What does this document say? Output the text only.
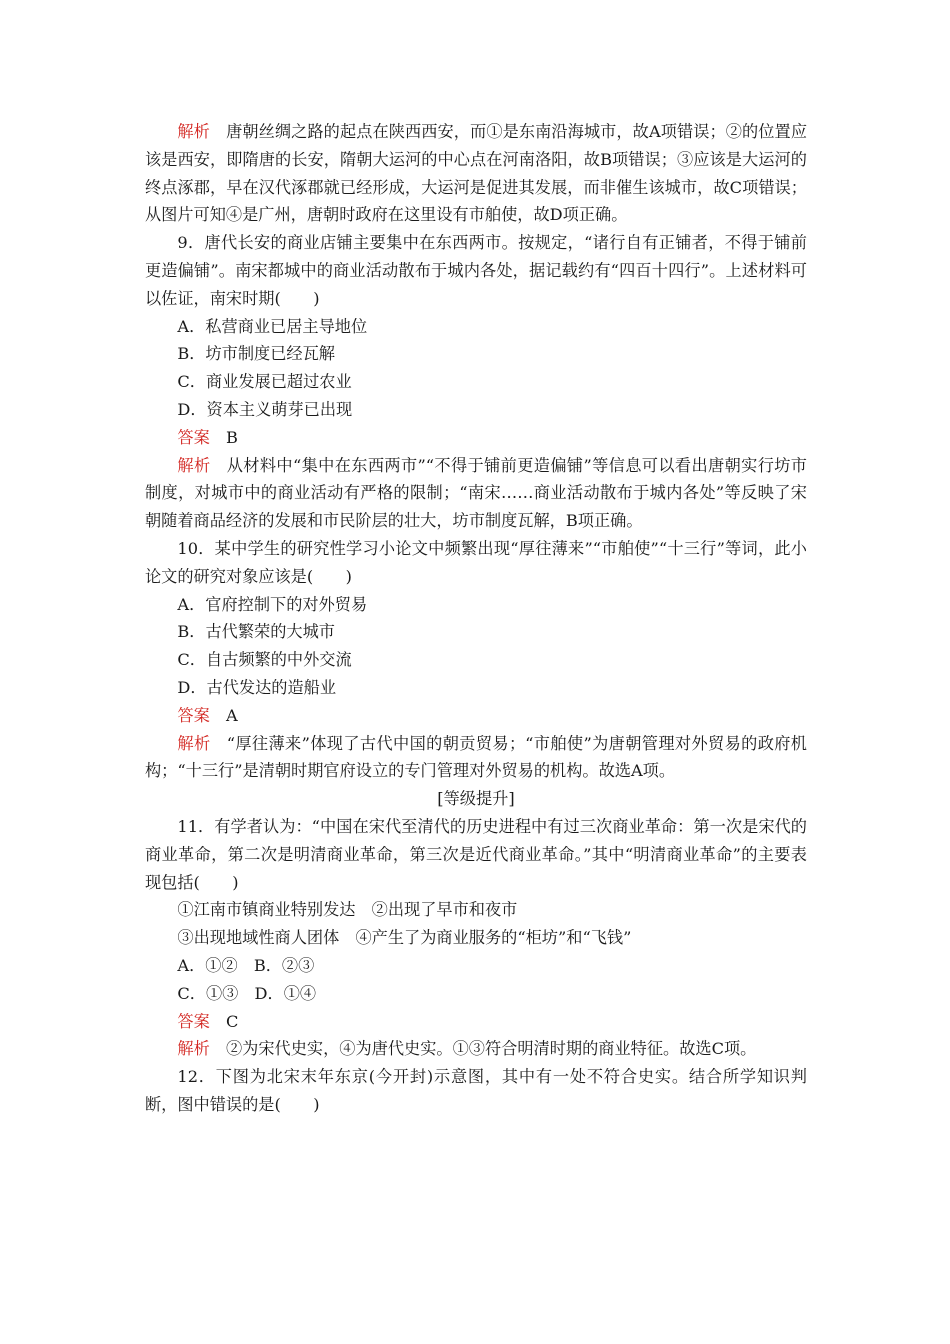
解析 唐朝丝绸之路的起点在陕西西安，而①是东南沿海城市，故A项错误；②的位置应该是西安，即隋唐的长安，隋朝大运河的中心点在河南洛阳，故B项错误；③应该是大运河的终点涿郡，早在汉代涿郡就已经形成，大运河是促进其发展，而非催生该城市，故C项错误；从图片可知④是广州，唐朝时政府在这里设有市舶使，故D项正确。

9．唐代长安的商业店铺主要集中在东西两市。按规定，“诸行自有正铺者，不得于铺前更造偏铺”。南宋都城中的商业活动散布于城内各处，据记载约有“四百十四行”。上述材料可以佐证，南宋时期(　　)

A．私营商业已居主导地位

B．坊市制度已经瓦解

C．商业发展已超过农业

D．资本主义萌芽已出现

答案 B

解析 从材料中“集中在东西两市”“不得于铺前更造偏铺”等信息可以看出唐朝实行坊市制度，对城市中的商业活动有严格的限制；“南宋……商业活动散布于城内各处”等反映了宋朝随着商品经济的发展和市民阶层的壮大，坊市制度瓦解，B项正确。

10．某中学生的研究性学习小论文中频繁出现“厚往薄来”“市舶使”“十三行”等词，此小论文的研究对象应该是(　　)

A．官府控制下的对外贸易

B．古代繁荣的大城市

C．自古频繁的中外交流

D．古代发达的造船业

答案 A

解析 “厚往薄来”体现了古代中国的朝贡贸易；“市舶使”为唐朝管理对外贸易的政府机构；“十三行”是清朝时期官府设立的专门管理对外贸易的机构。故选A项。

[等级提升]

11．有学者认为：“中国在宋代至清代的历史进程中有过三次商业革命：第一次是宋代的商业革命，第二次是明清商业革命，第三次是近代商业革命。”其中“明清商业革命”的主要表现包括(　　)

①江南市镇商业特别发达　②出现了早市和夜市

③出现地域性商人团体　④产生了为商业服务的“柜坊”和“飞钱”

A．①②　B．②③

C．①③　D．①④

答案 C

解析 ②为宋代史实，④为唐代史实。①③符合明清时期的商业特征。故选C项。

12．下图为北宋末年东京(今开封)示意图，其中有一处不符合史实。结合所学知识判断，图中错误的是(　　)
